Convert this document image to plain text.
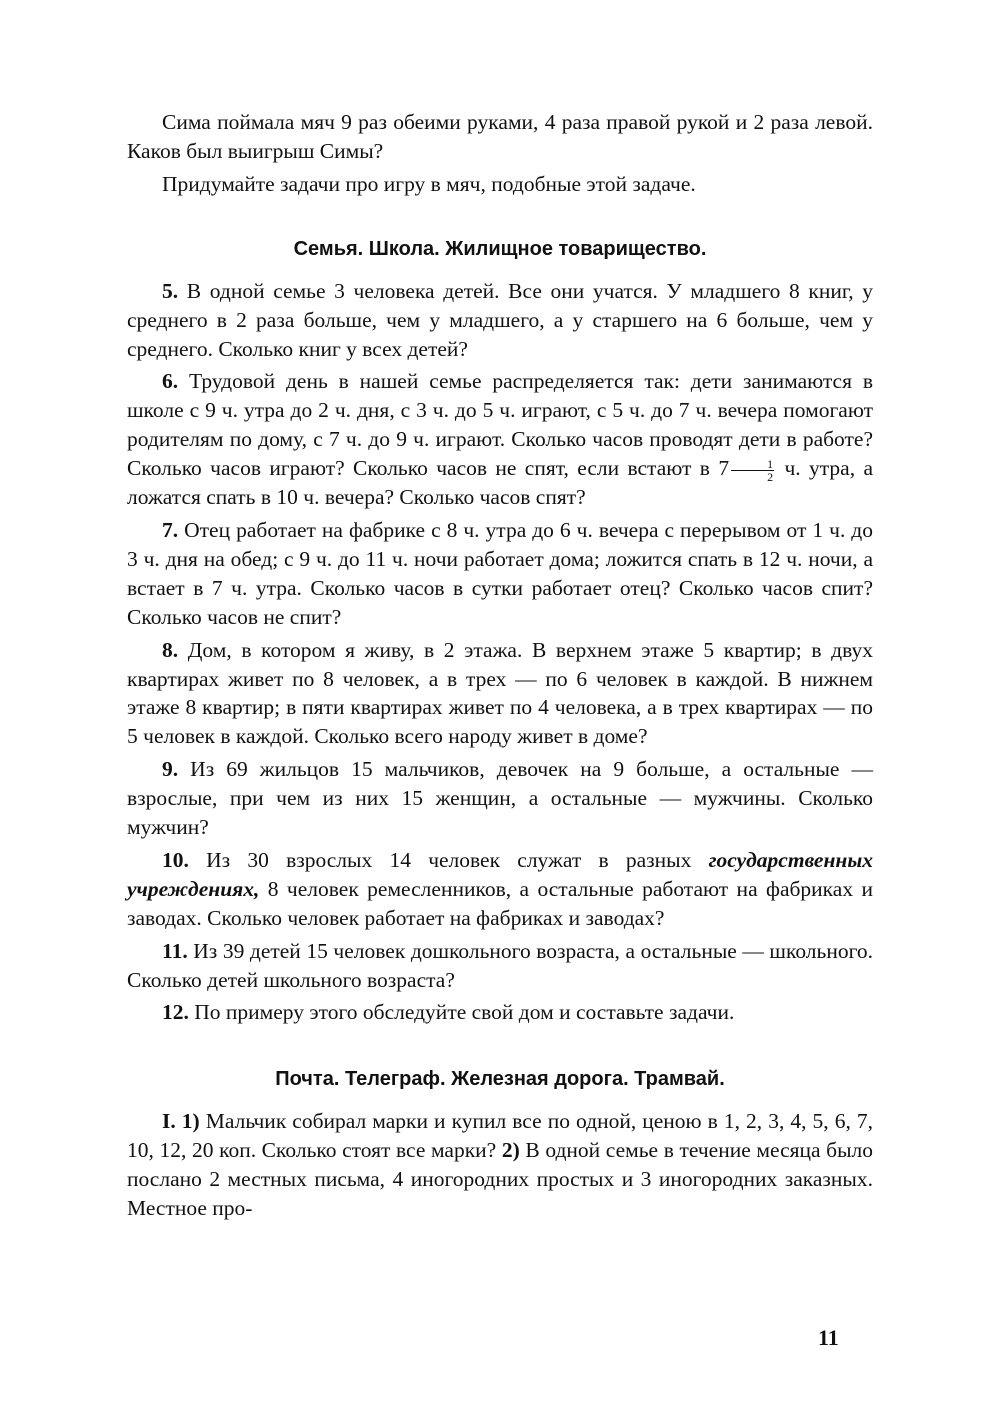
Сима поймала мяч 9 раз обеими руками, 4 раза правой рукой и 2 раза левой. Каков был выигрыш Симы?

Придумайте задачи про игру в мяч, подобные этой задаче.

Семья. Школа. Жилищное товарищество.

5. В одной семье 3 человека детей. Все они учатся. У младшего 8 книг, у среднего в 2 раза больше, чем у младшего, а у старшего на 6 больше, чем у среднего. Сколько книг у всех детей?

6. Трудовой день в нашей семье распределяется так: дети занимаются в школе с 9 ч. утра до 2 ч. дня, с 3 ч. до 5 ч. играют, с 5 ч. до 7 ч. вечера помогают родителям по дому, с 7 ч. до 9 ч. играют. Сколько часов проводят дети в работе? Сколько часов играют? Сколько часов не спят, если встают в $7 \frac{1}{2} ч$. утра, а ложатся спать в 10 ч. вечера? Сколько часов спят?

7. Отец работает на фабрике с 8 ч. утра до 6 ч. вечера с перерывом от 1 ч. до 3 ч. дня на обед; с 9 ч. до 11 ч. ночи работает дома; ложится спать в 12 ч. ночи, а встает в 7 ч. утра. Сколько часов в сутки работает отец? Сколько часов спит? Сколько часов не спит?

8. Дом, в котором я живу, в 2 этажа. В верхнем этаже 5 квартир; в двух квартирах живет по 8 человек, а в трех — по 6 человек в каждой. В нижнем этаже 8 квартир; в пяти квартирах живет по 4 человека, а в трех квартирах — по 5 человек в каждой. Сколько всего народу живет в доме?

9. Из 69 жильцов 15 мальчиков, девочек на 9 больше, а остальные — взрослые, при чем из них 15 женщин, а остальные — мужчины. Сколько мужчин?

10. Из 30 взрослых 14 человек служат в разных государственных учреждениях, 8 человек ремесленников, а остальные работают на фабриках и заводах. Сколько человек работает на фабриках и заводах?

11. Из 39 детей 15 человек дошкольного возраста, а остальные — школьного. Сколько детей школьного возраста?

12. По примеру этого обследуйте свой дом и составьте задачи.

Почта. Телеграф. Железная дорога. Трамвай.

I. 1) Мальчик собирал марки и купил все по одной, ценою в 1, 2, 3, 4, 5, 6, 7, 10, 12, 20 коп. Сколько стоят все марки? 2) В одной семье в течение месяца было послано 2 местных письма, 4 иногородних простых и 3 иногородних заказных. Местное про-

11
